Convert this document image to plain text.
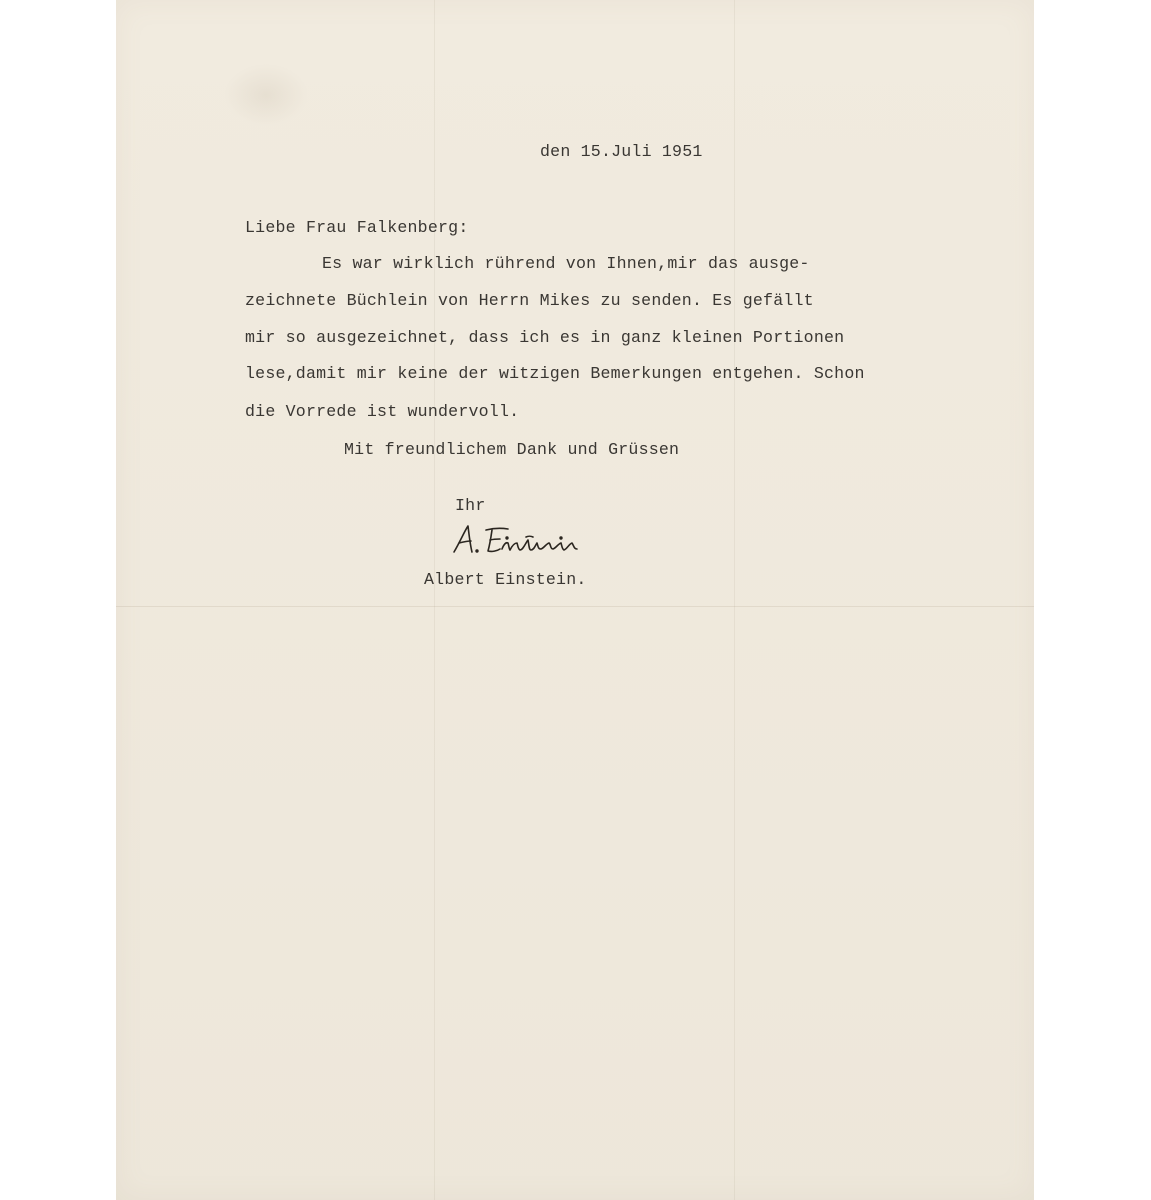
den 15.Juli 1951
Liebe Frau Falkenberg:
Es war wirklich rührend von Ihnen,mir das ausge-
zeichnete Büchlein von Herrn Mikes zu senden. Es gefällt
mir so ausgezeichnet, dass ich es in ganz kleinen Portionen
lese,damit mir keine der witzigen Bemerkungen entgehen. Schon
die Vorrede ist wundervoll.
Mit freundlichem Dank und Grüssen
Ihr
Albert Einstein.
